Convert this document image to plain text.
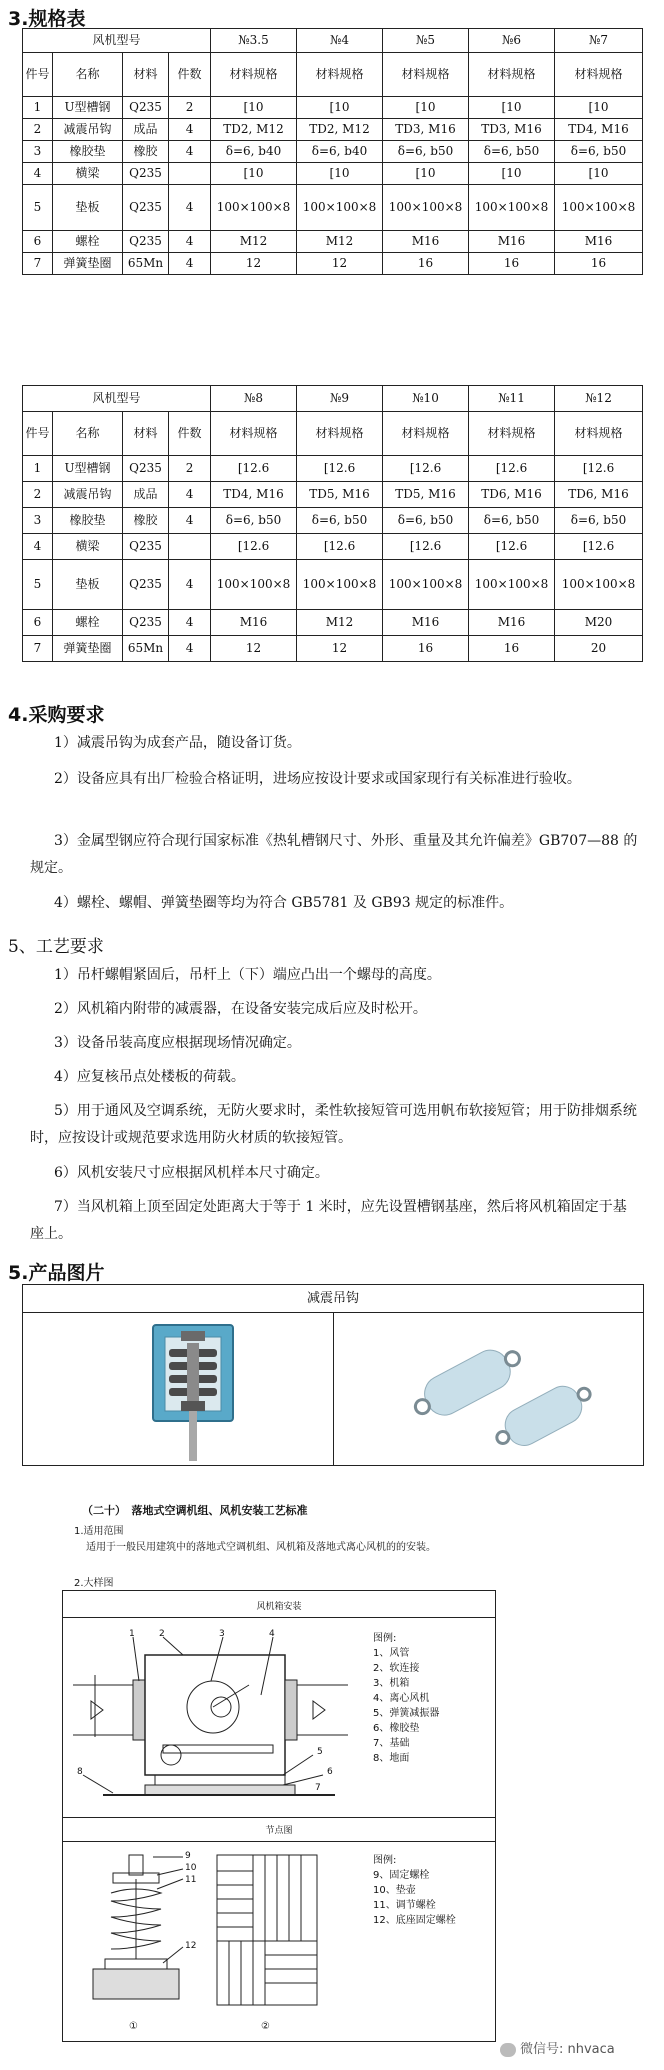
3.规格表
风机型号				№3.5	№4	№5	№6	№7
件号	名称	材料	件数	材料规格	材料规格	材料规格	材料规格	材料规格
1	U型槽钢	Q235	2	[10	[10	[10	[10	[10
2	减震吊钩	成品	4	TD2, M12	TD2, M12	TD3, M16	TD3, M16	TD4, M16
3	橡胶垫	橡胶	4	δ=6, b40	δ=6, b40	δ=6, b50	δ=6, b50	δ=6, b50
4	横梁	Q235		[10	[10	[10	[10	[10
5	垫板	Q235	4	100×100×8	100×100×8	100×100×8	100×100×8	100×100×8
6	螺栓	Q235	4	M12	M12	M16	M16	M16
7	弹簧垫圈	65Mn	4	12	12	16	16	16
风机型号				№8	№9	№10	№11	№12
件号	名称	材料	件数	材料规格	材料规格	材料规格	材料规格	材料规格
1	U型槽钢	Q235	2	[12.6	[12.6	[12.6	[12.6	[12.6
2	减震吊钩	成品	4	TD4, M16	TD5, M16	TD5, M16	TD6, M16	TD6, M16
3	橡胶垫	橡胶	4	δ=6, b50	δ=6, b50	δ=6, b50	δ=6, b50	δ=6, b50
4	横梁	Q235		[12.6	[12.6	[12.6	[12.6	[12.6
5	垫板	Q235	4	100×100×8	100×100×8	100×100×8	100×100×8	100×100×8
6	螺栓	Q235	4	M16	M12	M16	M16	M20
7	弹簧垫圈	65Mn	4	12	12	16	16	20
4.采购要求
1）减震吊钩为成套产品，随设备订货。
2）设备应具有出厂检验合格证明，进场应按设计要求或国家现行有关标准进行验收。
3）金属型钢应符合现行国家标准《热轧槽钢尺寸、外形、重量及其允许偏差》GB707—88 的规定。
4）螺栓、螺帽、弹簧垫圈等均为符合 GB5781 及 GB93 规定的标准件。
5、工艺要求
1）吊杆螺帽紧固后，吊杆上（下）端应凸出一个螺母的高度。
2）风机箱内附带的减震器，在设备安装完成后应及时松开。
3）设备吊装高度应根据现场情况确定。
4）应复核吊点处楼板的荷载。
5）用于通风及空调系统，无防火要求时，柔性软接短管可选用帆布软接短管；用于防排烟系统时，应按设计或规范要求选用防火材质的软接短管。
6）风机安装尺寸应根据风机样本尺寸确定。
7）当风机箱上顶至固定处距离大于等于 1 米时，应先设置槽钢基座，然后将风机箱固定于基座上。
5.产品图片
减震吊钩
（二十）　落地式空调机组、风机安装工艺标准
1.适用范围
适用于一般民用建筑中的落地式空调机组、风机箱及落地式离心风机的的安装。
2.大样图
风机箱安装
1	2	3	4
5
6
7
8
图例:
1、风管
2、软连接
3、机箱
4、离心风机
5、弹簧减振器
6、橡胶垫
7、基础
8、地面
节点图
9
10
11
12
①	②
图例:
9、固定螺栓
10、垫壶
11、调节螺栓
12、底座固定螺栓
微信号: nhvaca
